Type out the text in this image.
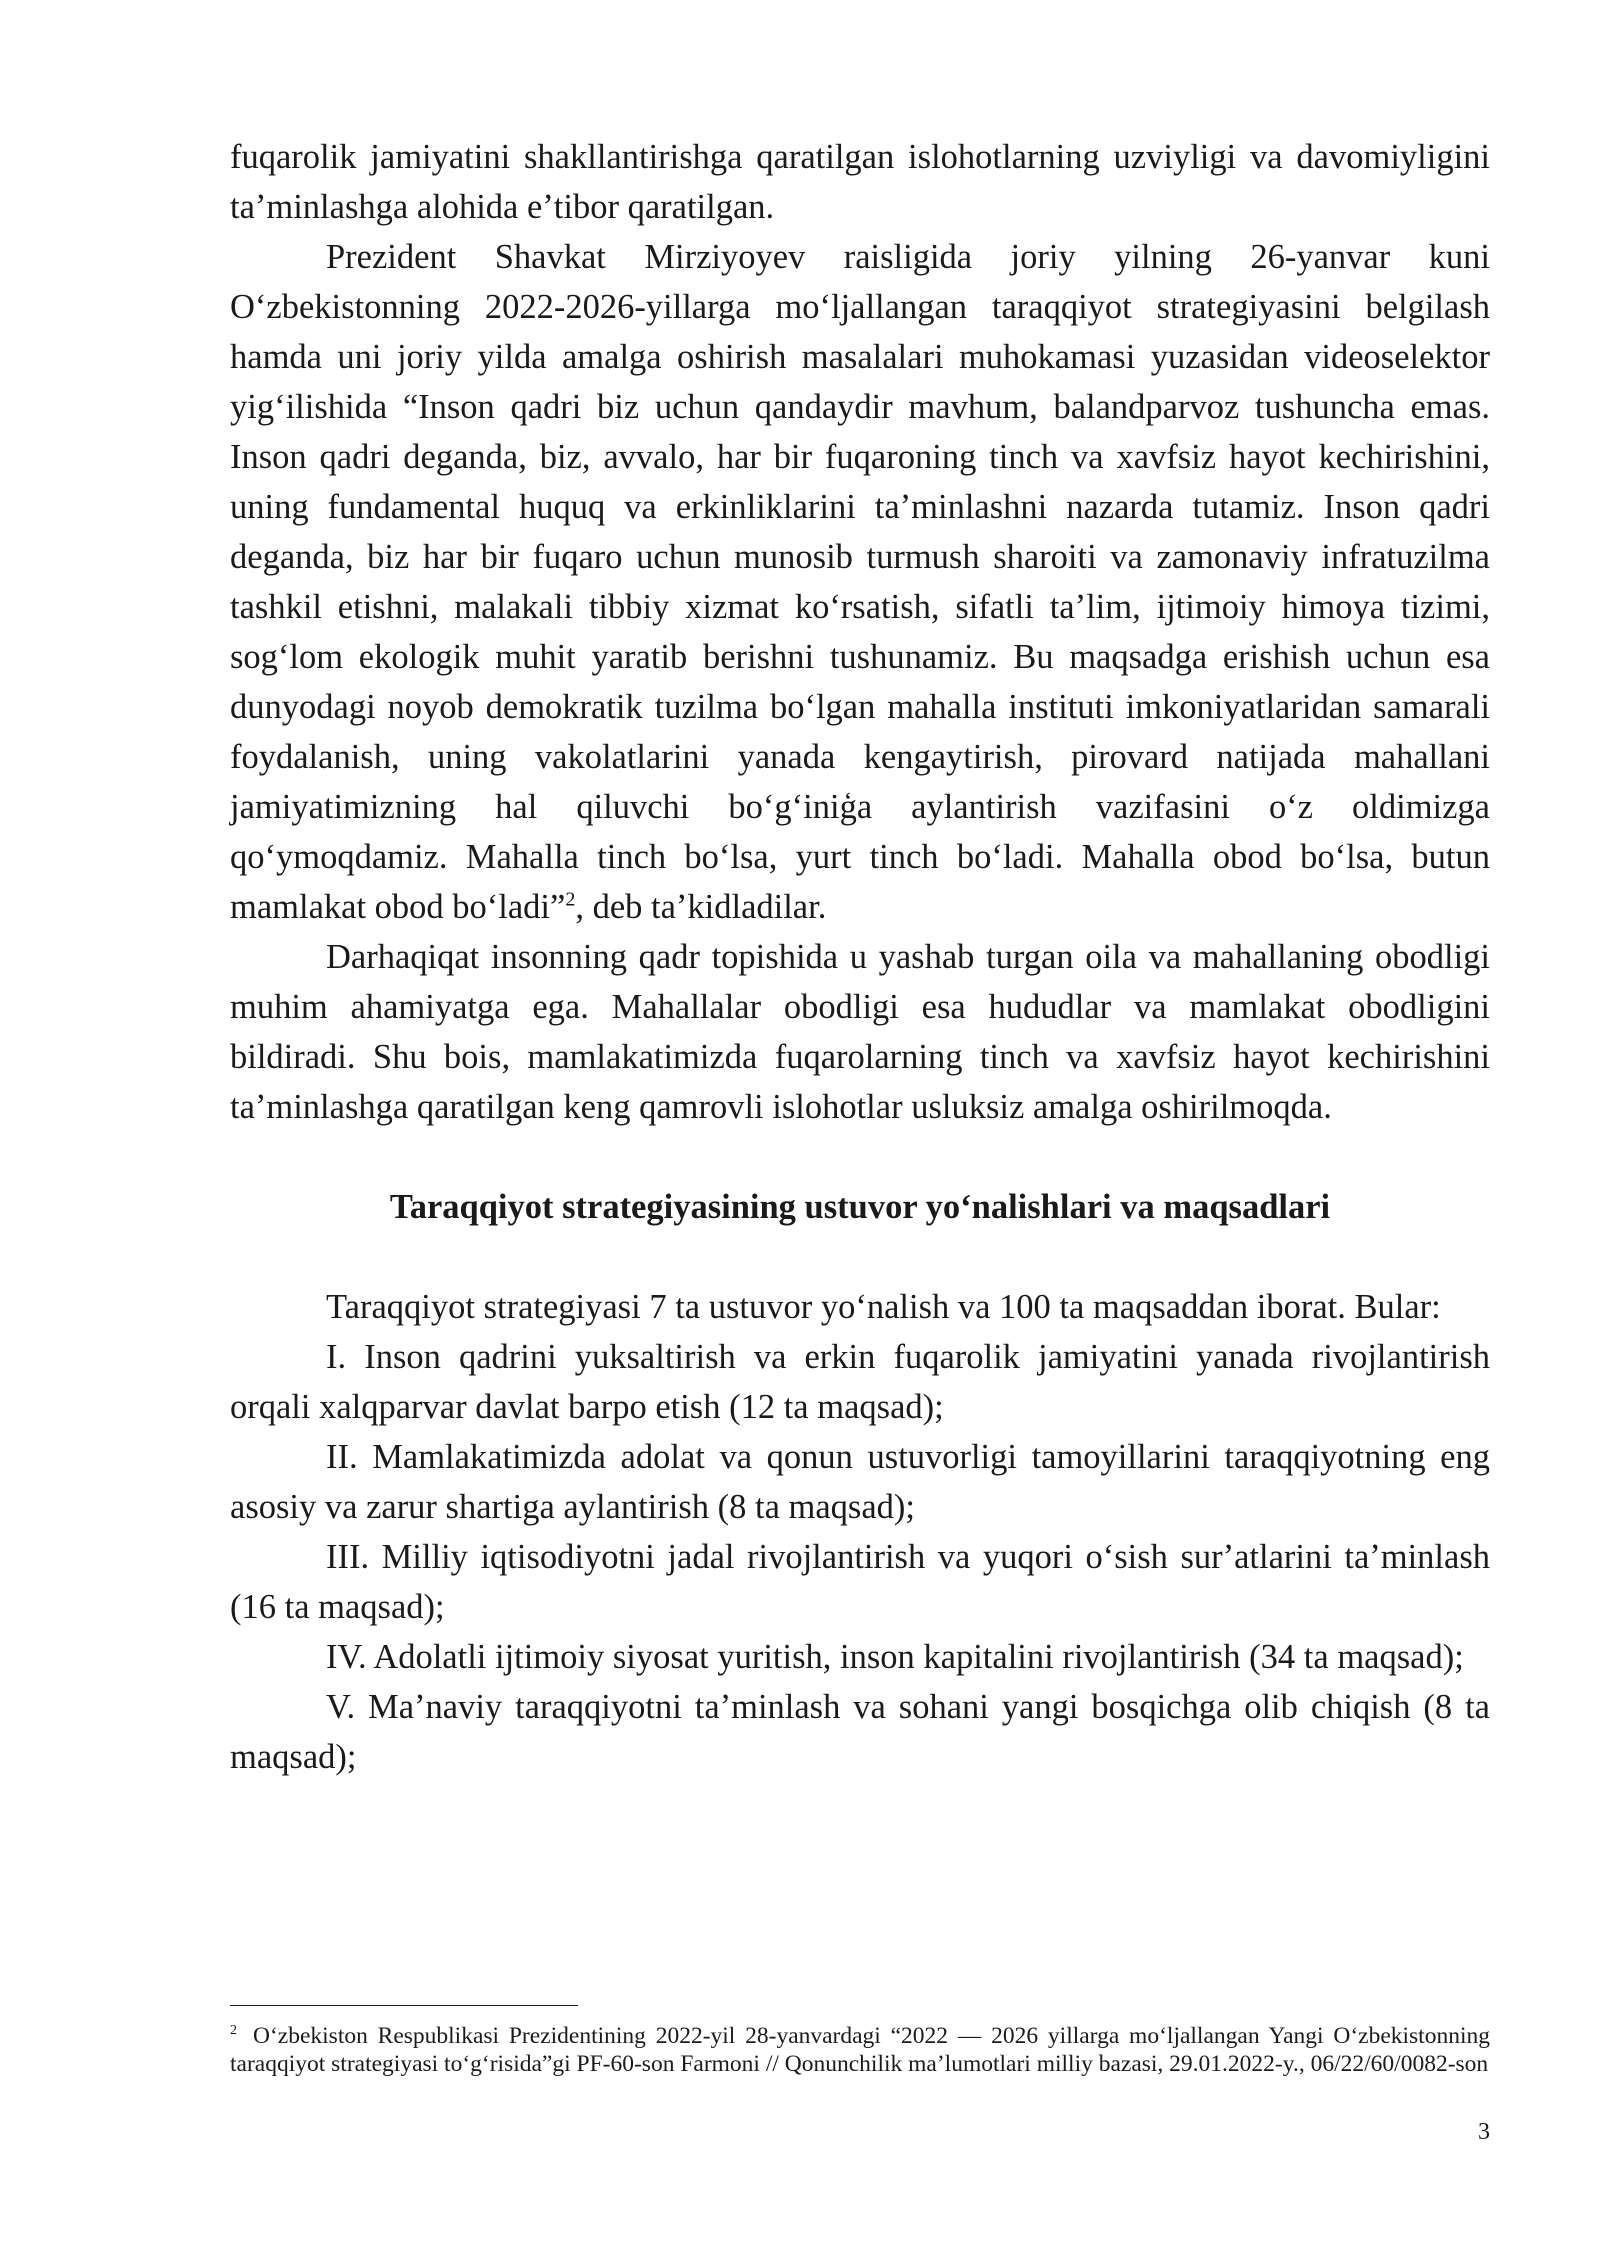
fuqarolik jamiyatini shakllantirishga qaratilgan islohotlarning uzviyligi va davomiyligini taʼminlashga alohida eʼtibor qaratilgan.

Prezident Shavkat Mirziyoyev raisligida joriy yilning 26-yanvar kuni Oʻzbekistonning 2022-2026-yillarga moʻljallangan taraqqiyot strategiyasini belgilash hamda uni joriy yilda amalga oshirish masalalari muhokamasi yuzasidan videoselektor yigʻilishida “Inson qadri biz uchun qandaydir mavhum, balandparvoz tushuncha emas. Inson qadri deganda, biz, avvalo, har bir fuqaroning tinch va xavfsiz hayot kechirishini, uning fundamental huquq va erkinliklarini taʼminlashni nazarda tutamiz. Inson qadri deganda, biz har bir fuqaro uchun munosib turmush sharoiti va zamonaviy infratuzilma tashkil etishni, malakali tibbiy xizmat koʻrsatish, sifatli taʼlim, ijtimoiy himoya tizimi, sogʻlom ekologik muhit yaratib berishni tushunamiz. Bu maqsadga erishish uchun esa dunyodagi noyob demokratik tuzilma boʻlgan mahalla instituti imkoniyatlaridan samarali foydalanish, uning vakolatlarini yanada kengaytirish, pirovard natijada mahallani jamiyatimizning hal qiluvchi boʻgʻiniģa aylantirish vazifasini oʻz oldimizga qoʻymoqdamiz. Mahalla tinch boʻlsa, yurt tinch boʻladi. Mahalla obod boʻlsa, butun mamlakat obod boʻladi”$^2$, deb taʼkidladilar.

Darhaqiqat insonning qadr topishida u yashab turgan oila va mahallaning obodligi muhim ahamiyatga ega. Mahallalar obodligi esa hududlar va mamlakat obodligini bildiradi. Shu bois, mamlakatimizda fuqarolarning tinch va xavfsiz hayot kechirishini taʼminlashga qaratilgan keng qamrovli islohotlar usluksiz amalga oshirilmoqda.

Taraqqiyot strategiyasining ustuvor yoʻnalishlari va maqsadlari

Taraqqiyot strategiyasi 7 ta ustuvor yoʻnalish va 100 ta maqsaddan iborat. Bular:

I. Inson qadrini yuksaltirish va erkin fuqarolik jamiyatini yanada rivojlantirish orqali xalqparvar davlat barpo etish (12 ta maqsad);

II. Mamlakatimizda adolat va qonun ustuvorligi tamoyillarini taraqqiyotning eng asosiy va zarur shartiga aylantirish (8 ta maqsad);

III. Milliy iqtisodiyotni jadal rivojlantirish va yuqori oʻsish surʼatlarini taʼminlash (16 ta maqsad);

IV. Adolatli ijtimoiy siyosat yuritish, inson kapitalini rivojlantirish (34 ta maqsad);

V. Maʼnaviy taraqqiyotni taʼminlash va sohani yangi bosqichga olib chiqish (8 ta maqsad);

$^2$ Oʻzbekiston Respublikasi Prezidentining 2022-yil 28-yanvardagi “2022 — 2026 yillarga moʻljallangan Yangi Oʻzbekistonning taraqqiyot strategiyasi toʻgʻrisida”gi PF-60-son Farmoni // Qonunchilik maʼlumotlari milliy bazasi, 29.01.2022-y., 06/22/60/0082-son

3
